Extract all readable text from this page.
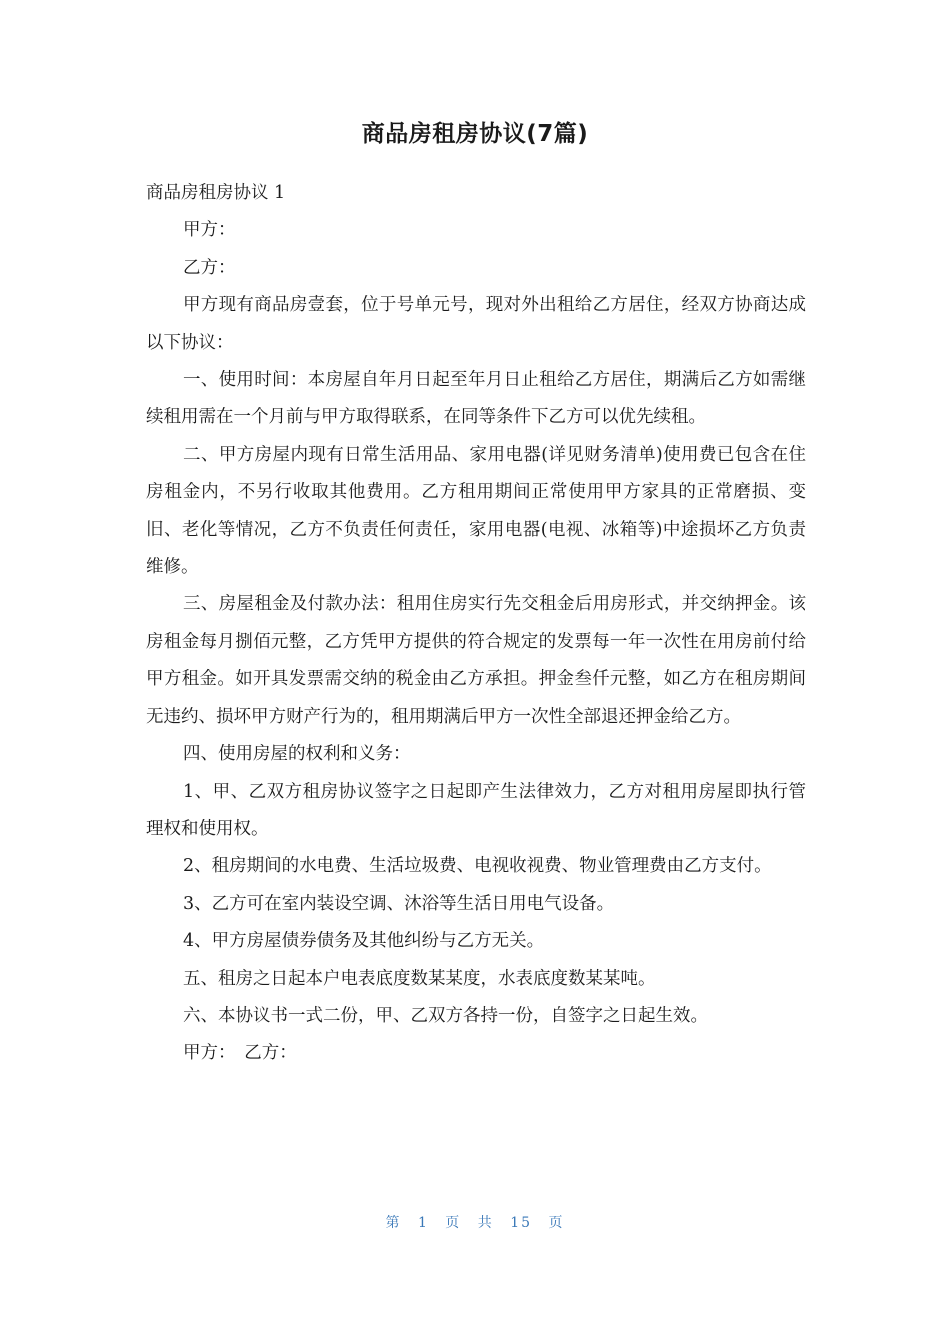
商品房租房协议(7篇)

商品房租房协议 1

甲方：

乙方：

甲方现有商品房壹套，位于号单元号，现对外出租给乙方居住，经双方协商达成以下协议：

一、使用时间：本房屋自年月日起至年月日止租给乙方居住，期满后乙方如需继续租用需在一个月前与甲方取得联系，在同等条件下乙方可以优先续租。

二、甲方房屋内现有日常生活用品、家用电器(详见财务清单)使用费已包含在住房租金内，不另行收取其他费用。乙方租用期间正常使用甲方家具的正常磨损、变旧、老化等情况，乙方不负责任何责任，家用电器(电视、冰箱等)中途损坏乙方负责维修。

三、房屋租金及付款办法：租用住房实行先交租金后用房形式，并交纳押金。该房租金每月捌佰元整，乙方凭甲方提供的符合规定的发票每一年一次性在用房前付给甲方租金。如开具发票需交纳的税金由乙方承担。押金叁仟元整，如乙方在租房期间无违约、损坏甲方财产行为的，租用期满后甲方一次性全部退还押金给乙方。

四、使用房屋的权利和义务：

1、甲、乙双方租房协议签字之日起即产生法律效力，乙方对租用房屋即执行管理权和使用权。

2、租房期间的水电费、生活垃圾费、电视收视费、物业管理费由乙方支付。

3、乙方可在室内装设空调、沐浴等生活日用电气设备。

4、甲方房屋债券债务及其他纠纷与乙方无关。

五、租房之日起本户电表底度数某某度，水表底度数某某吨。

六、本协议书一式二份，甲、乙双方各持一份，自签字之日起生效。

甲方：　乙方：

第 1 页 共 15 页
